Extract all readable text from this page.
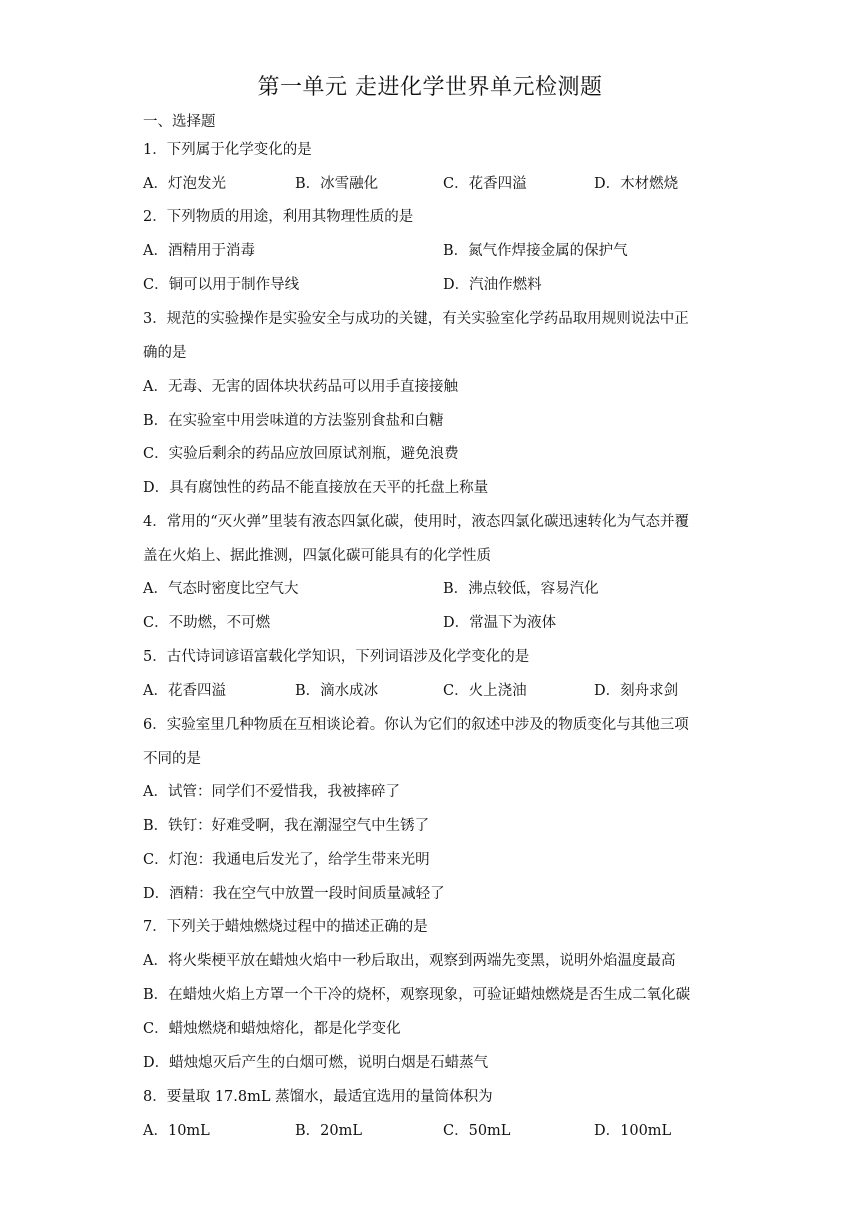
第一单元 走进化学世界单元检测题
一、选择题
1．下列属于化学变化的是
A．灯泡发光	B．冰雪融化	C．花香四溢	D．木材燃烧
2．下列物质的用途，利用其物理性质的是
A．酒精用于消毒	B．氮气作焊接金属的保护气
C．铜可以用于制作导线	D．汽油作燃料
3．规范的实验操作是实验安全与成功的关键，有关实验室化学药品取用规则说法中正
确的是
A．无毒、无害的固体块状药品可以用手直接接触
B．在实验室中用尝味道的方法鉴别食盐和白糖
C．实验后剩余的药品应放回原试剂瓶，避免浪费
D．具有腐蚀性的药品不能直接放在天平的托盘上称量
4．常用的“灭火弹”里装有液态四氯化碳，使用时，液态四氯化碳迅速转化为气态并覆
盖在火焰上、据此推测，四氯化碳可能具有的化学性质
A．气态时密度比空气大	B．沸点较低，容易汽化
C．不助燃，不可燃	D．常温下为液体
5．古代诗词谚语富载化学知识，下列词语涉及化学变化的是
A．花香四溢	B．滴水成冰	C．火上浇油	D．刻舟求剑
6．实验室里几种物质在互相谈论着。你认为它们的叙述中涉及的物质变化与其他三项
不同的是
A．试管：同学们不爱惜我，我被摔碎了
B．铁钉：好难受啊，我在潮湿空气中生锈了
C．灯泡：我通电后发光了，给学生带来光明
D．酒精：我在空气中放置一段时间质量减轻了
7．下列关于蜡烛燃烧过程中的描述正确的是
A．将火柴梗平放在蜡烛火焰中一秒后取出，观察到两端先变黑，说明外焰温度最高
B．在蜡烛火焰上方罩一个干冷的烧杯，观察现象，可验证蜡烛燃烧是否生成二氧化碳
C．蜡烛燃烧和蜡烛熔化，都是化学变化
D．蜡烛熄灭后产生的白烟可燃，说明白烟是石蜡蒸气
8．要量取 17.8mL 蒸馏水，最适宜选用的量筒体积为
A．10mL	B．20mL	C．50mL	D．100mL
